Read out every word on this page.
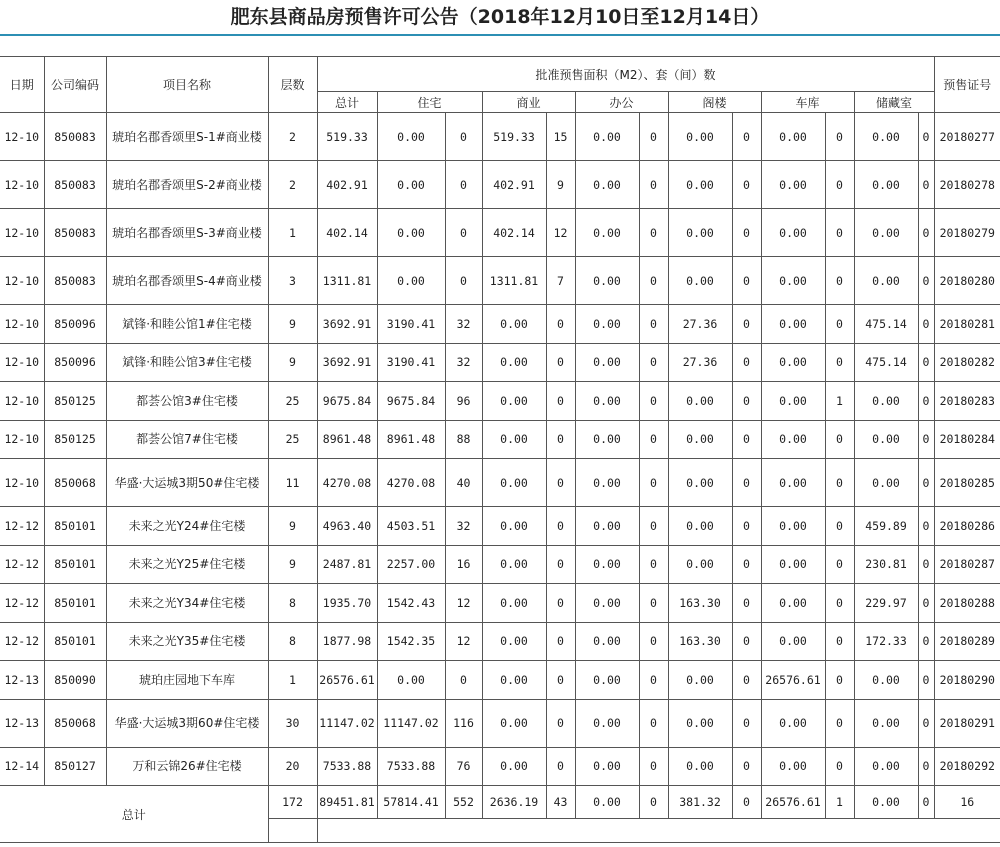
肥东县商品房预售许可公告（2018年12月10日至12月14日）
日期	公司编码	项目名称	层数	批准预售面积（M2）、套（间）数													预售证号
				总计	住宅		商业		办公		阁楼		车库		储藏室		
12-10	850083	琥珀名郡香颂里S-1#商业楼	2	519.33	0.00	0	519.33	15	0.00	0	0.00	0	0.00	0	0.00	0	20180277
12-10	850083	琥珀名郡香颂里S-2#商业楼	2	402.91	0.00	0	402.91	9	0.00	0	0.00	0	0.00	0	0.00	0	20180278
12-10	850083	琥珀名郡香颂里S-3#商业楼	1	402.14	0.00	0	402.14	12	0.00	0	0.00	0	0.00	0	0.00	0	20180279
12-10	850083	琥珀名郡香颂里S-4#商业楼	3	1311.81	0.00	0	1311.81	7	0.00	0	0.00	0	0.00	0	0.00	0	20180280
12-10	850096	斌锋·和睦公馆1#住宅楼	9	3692.91	3190.41	32	0.00	0	0.00	0	27.36	0	0.00	0	475.14	0	20180281
12-10	850096	斌锋·和睦公馆3#住宅楼	9	3692.91	3190.41	32	0.00	0	0.00	0	27.36	0	0.00	0	475.14	0	20180282
12-10	850125	都荟公馆3#住宅楼	25	9675.84	9675.84	96	0.00	0	0.00	0	0.00	0	0.00	1	0.00	0	20180283
12-10	850125	都荟公馆7#住宅楼	25	8961.48	8961.48	88	0.00	0	0.00	0	0.00	0	0.00	0	0.00	0	20180284
12-10	850068	华盛·大运城3期50#住宅楼	11	4270.08	4270.08	40	0.00	0	0.00	0	0.00	0	0.00	0	0.00	0	20180285
12-12	850101	未来之光Y24#住宅楼	9	4963.40	4503.51	32	0.00	0	0.00	0	0.00	0	0.00	0	459.89	0	20180286
12-12	850101	未来之光Y25#住宅楼	9	2487.81	2257.00	16	0.00	0	0.00	0	0.00	0	0.00	0	230.81	0	20180287
12-12	850101	未来之光Y34#住宅楼	8	1935.70	1542.43	12	0.00	0	0.00	0	163.30	0	0.00	0	229.97	0	20180288
12-12	850101	未来之光Y35#住宅楼	8	1877.98	1542.35	12	0.00	0	0.00	0	163.30	0	0.00	0	172.33	0	20180289
12-13	850090	琥珀庄园地下车库	1	26576.61	0.00	0	0.00	0	0.00	0	0.00	0	26576.61	0	0.00	0	20180290
12-13	850068	华盛·大运城3期60#住宅楼	30	11147.02	11147.02	116	0.00	0	0.00	0	0.00	0	0.00	0	0.00	0	20180291
12-14	850127	万和云锦26#住宅楼	20	7533.88	7533.88	76	0.00	0	0.00	0	0.00	0	0.00	0	0.00	0	20180292
总计			172	89451.81	57814.41	552	2636.19	43	0.00	0	381.32	0	26576.61	1	0.00	0	16
